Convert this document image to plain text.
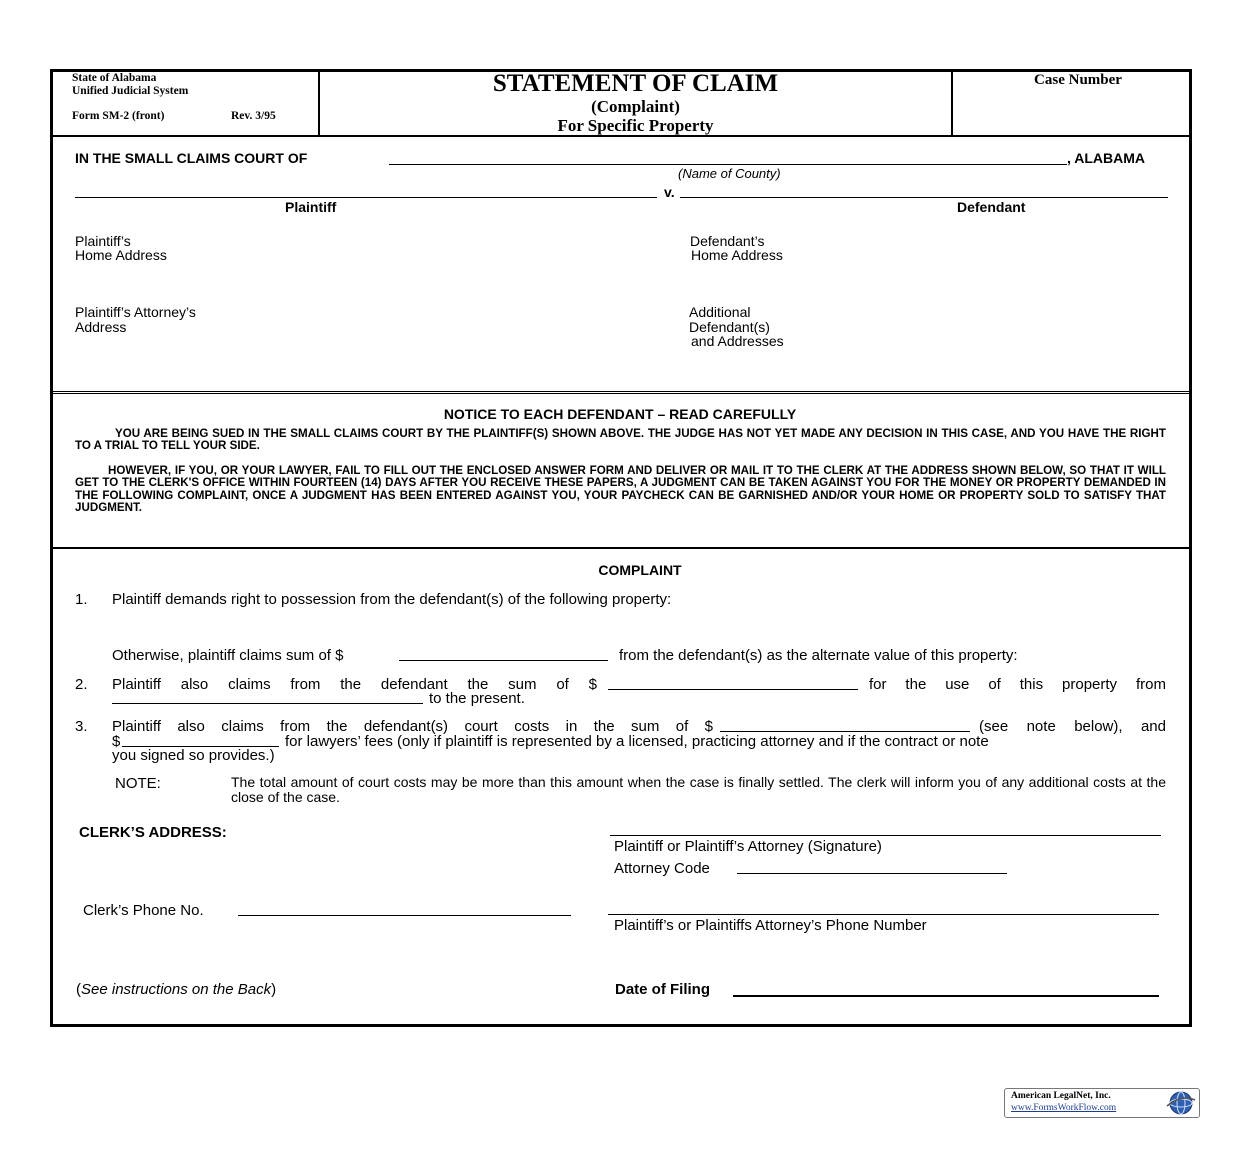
State of Alabama
Unified Judicial System
Form SM-2 (front)	Rev. 3/95
STATEMENT OF CLAIM
(Complaint)
For Specific Property
Case Number
IN THE SMALL CLAIMS COURT OF	, ALABAMA
(Name of County)
v.
Plaintiff	Defendant
Plaintiff’s
Home Address
Defendant’s
Home Address
Plaintiff’s Attorney’s
Address
Additional
Defendant(s)
and Addresses
NOTICE TO EACH DEFENDANT – READ CAREFULLY

YOU ARE BEING SUED IN THE SMALL CLAIMS COURT BY THE PLAINTIFF(S) SHOWN ABOVE. THE JUDGE HAS NOT YET MADE ANY DECISION IN THIS CASE, AND YOU HAVE THE RIGHT TO A TRIAL TO TELL YOUR SIDE.

HOWEVER, IF YOU, OR YOUR LAWYER, FAIL TO FILL OUT THE ENCLOSED ANSWER FORM AND DELIVER OR MAIL IT TO THE CLERK AT THE ADDRESS SHOWN BELOW, SO THAT IT WILL GET TO THE CLERK'S OFFICE WITHIN FOURTEEN (14) DAYS AFTER YOU RECEIVE THESE PAPERS, A JUDGMENT CAN BE TAKEN AGAINST YOU FOR THE MONEY OR PROPERTY DEMANDED IN THE FOLLOWING COMPLAINT, ONCE A JUDGMENT HAS BEEN ENTERED AGAINST YOU, YOUR PAYCHECK CAN BE GARNISHED AND/OR YOUR HOME OR PROPERTY SOLD TO SATISFY THAT JUDGMENT.

COMPLAINT
1. Plaintiff demands right to possession from the defendant(s) of the following property:
Otherwise, plaintiff claims sum of $	from the defendant(s) as the alternate value of this property:
2. Plaintiff also claims from the defendant the sum of $	for the use of this property from
to the present.
3. Plaintiff also claims from the defendant(s) court costs in the sum of $	(see note below), and
$	for lawyers’ fees (only if plaintiff is represented by a licensed, practicing attorney and if the contract or note
you signed so provides.)
NOTE:	The total amount of court costs may be more than this amount when the case is finally settled. The clerk will inform you of any additional costs at the close of the case.
CLERK’S ADDRESS:
Plaintiff or Plaintiff’s Attorney (Signature)
Attorney Code
Clerk’s Phone No.
Plaintiff’s or Plaintiffs Attorney’s Phone Number
(See instructions on the Back)	Date of Filing
American LegalNet, Inc.
www.FormsWorkFlow.com
